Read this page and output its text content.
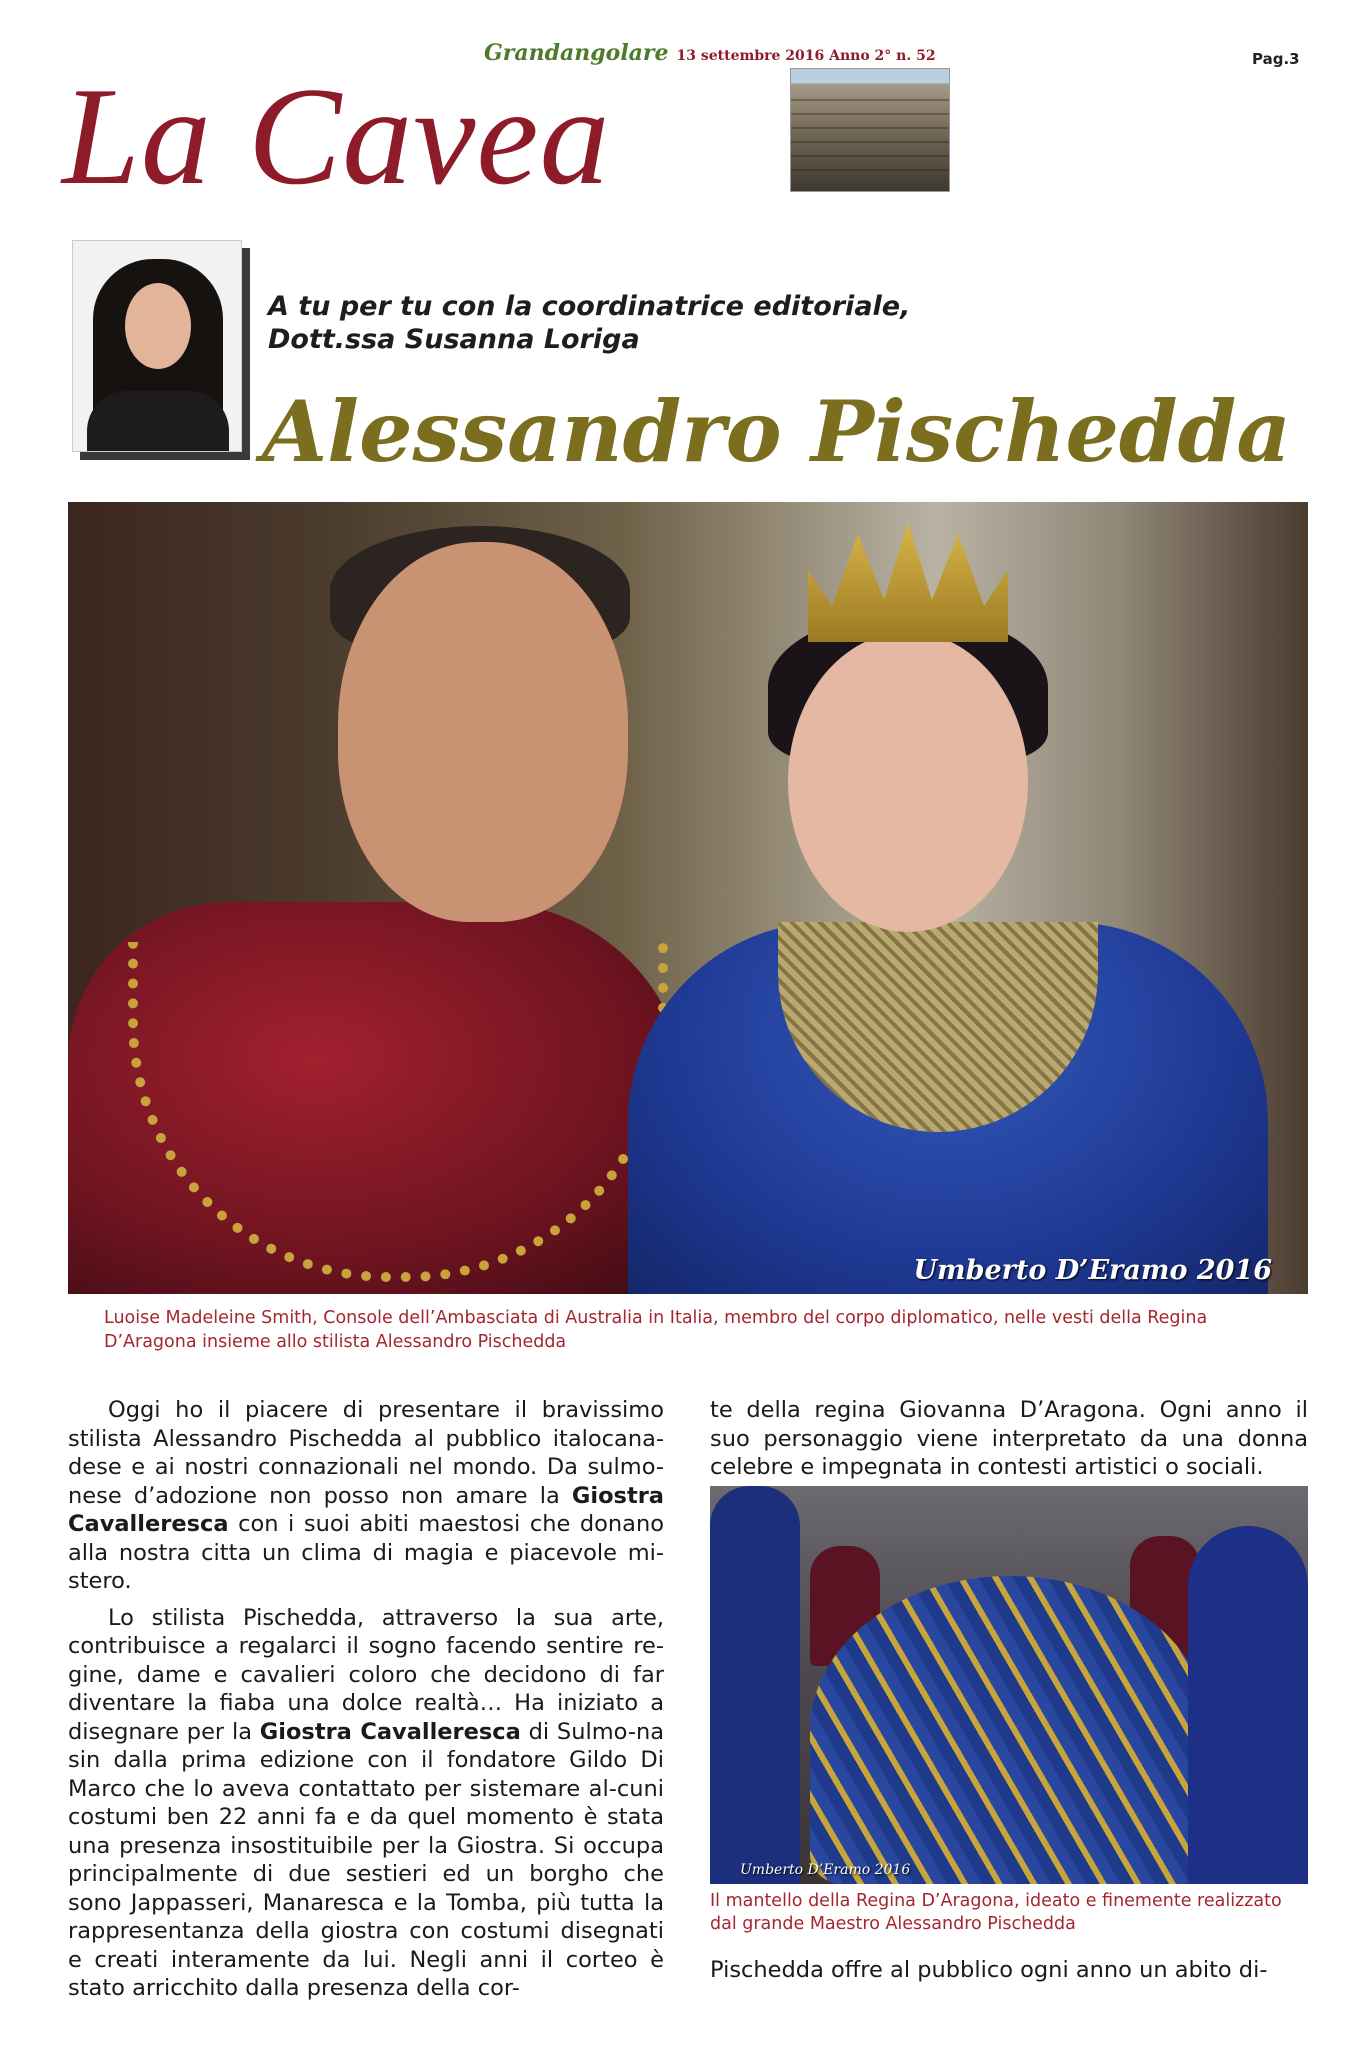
Grandangolare 13 settembre 2016 Anno 2° n. 52	Pag.3
La Cavea
A tu per tu con la coordinatrice editoriale,
Dott.ssa Susanna Loriga
Alessandro Pischedda
Umberto D’Eramo 2016
Luoise Madeleine Smith, Console dell’Ambasciata di Australia in Italia, membro del corpo diplomatico, nelle vesti della Regina D’Aragona insieme allo stilista Alessandro Pischedda

Oggi ho il piacere di presentare il bravissimo stilista Alessandro Pischedda al pubblico italocana-dese e ai nostri connazionali nel mondo. Da sulmo-nese d’adozione non posso non amare la Giostra Cavalleresca con i suoi abiti maestosi che donano alla nostra citta un clima di magia e piacevole mi-stero.

Lo stilista Pischedda, attraverso la sua arte, contribuisce a regalarci il sogno facendo sentire re-gine, dame e cavalieri coloro che decidono di far diventare la fiaba una dolce realtà… Ha iniziato a disegnare per la Giostra Cavalleresca di Sulmo-na sin dalla prima edizione con il fondatore Gildo Di Marco che lo aveva contattato per sistemare al-cuni costumi ben 22 anni fa e da quel momento è stata una presenza insostituibile per la Giostra. Si occupa principalmente di due sestieri ed un borgho che sono Jappasseri, Manaresca e la Tomba, più tutta la rappresentanza della giostra con costumi disegnati e creati interamente da lui. Negli anni il corteo è stato arricchito dalla presenza della cor-

te della regina Giovanna D’Aragona. Ogni anno il suo personaggio viene interpretato da una donna celebre e impegnata in contesti artistici o sociali.

Umberto D’Eramo 2016
Il mantello della Regina D’Aragona, ideato e finemente realizzato dal grande Maestro Alessandro Pischedda

Pischedda offre al pubblico ogni anno un abito di-
